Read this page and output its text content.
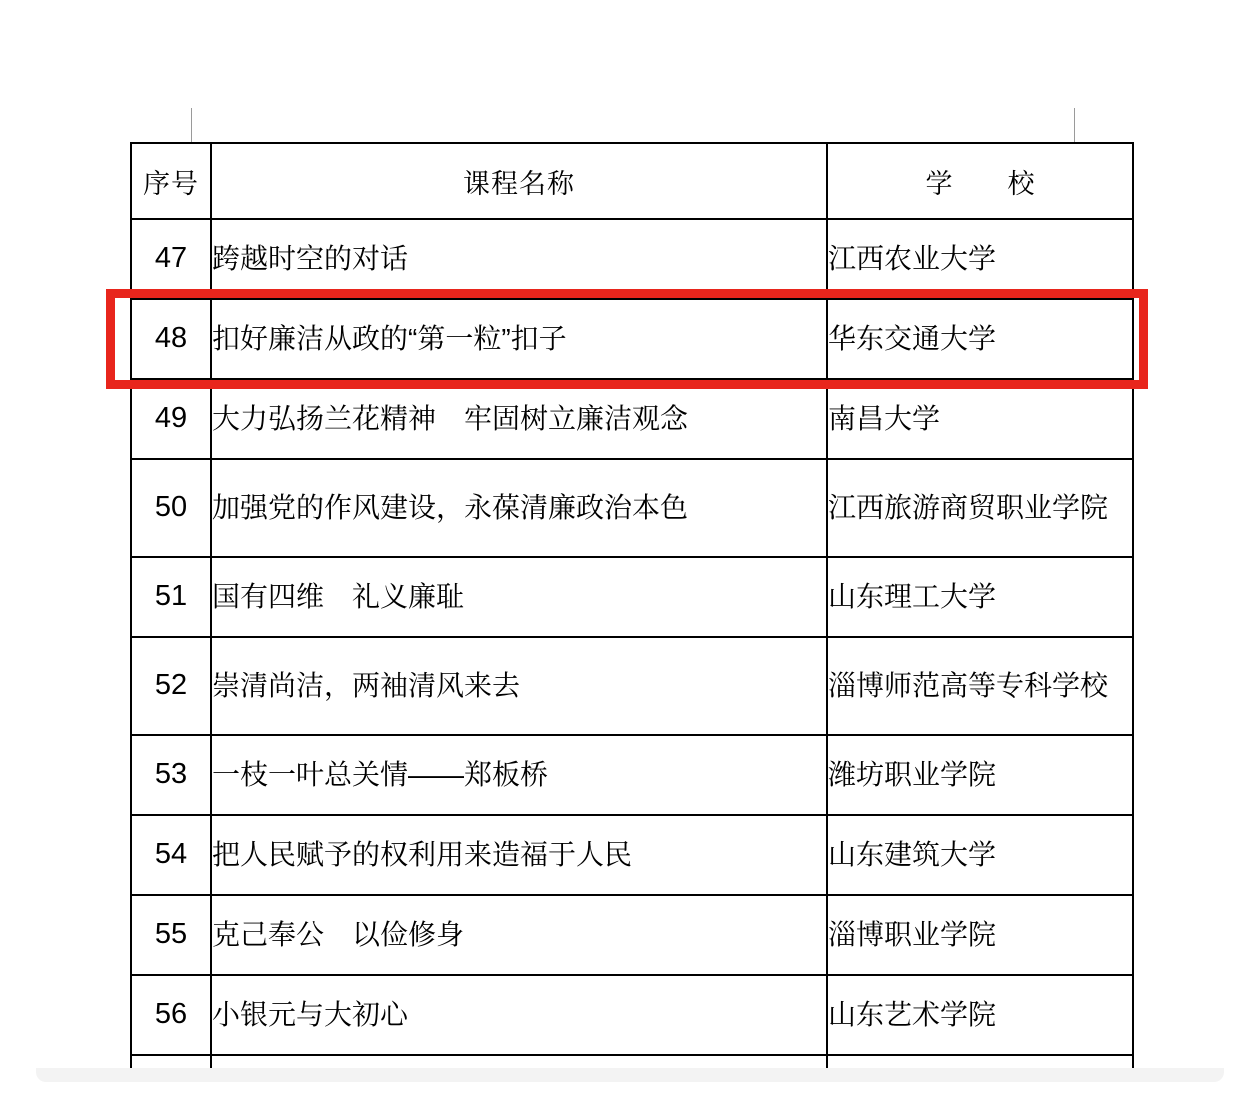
序号	课程名称	学　校
47	跨越时空的对话	江西农业大学
48	扣好廉洁从政的“第一粒”扣子	华东交通大学
49	大力弘扬兰花精神　牢固树立廉洁观念	南昌大学
50	加强党的作风建设，永葆清廉政治本色	江西旅游商贸职业学院
51	国有四维　礼义廉耻	山东理工大学
52	崇清尚洁，两袖清风来去	淄博师范高等专科学校
53	一枝一叶总关情——郑板桥	潍坊职业学院
54	把人民赋予的权利用来造福于人民	山东建筑大学
55	克己奉公　以俭修身	淄博职业学院
56	小银元与大初心	山东艺术学院
